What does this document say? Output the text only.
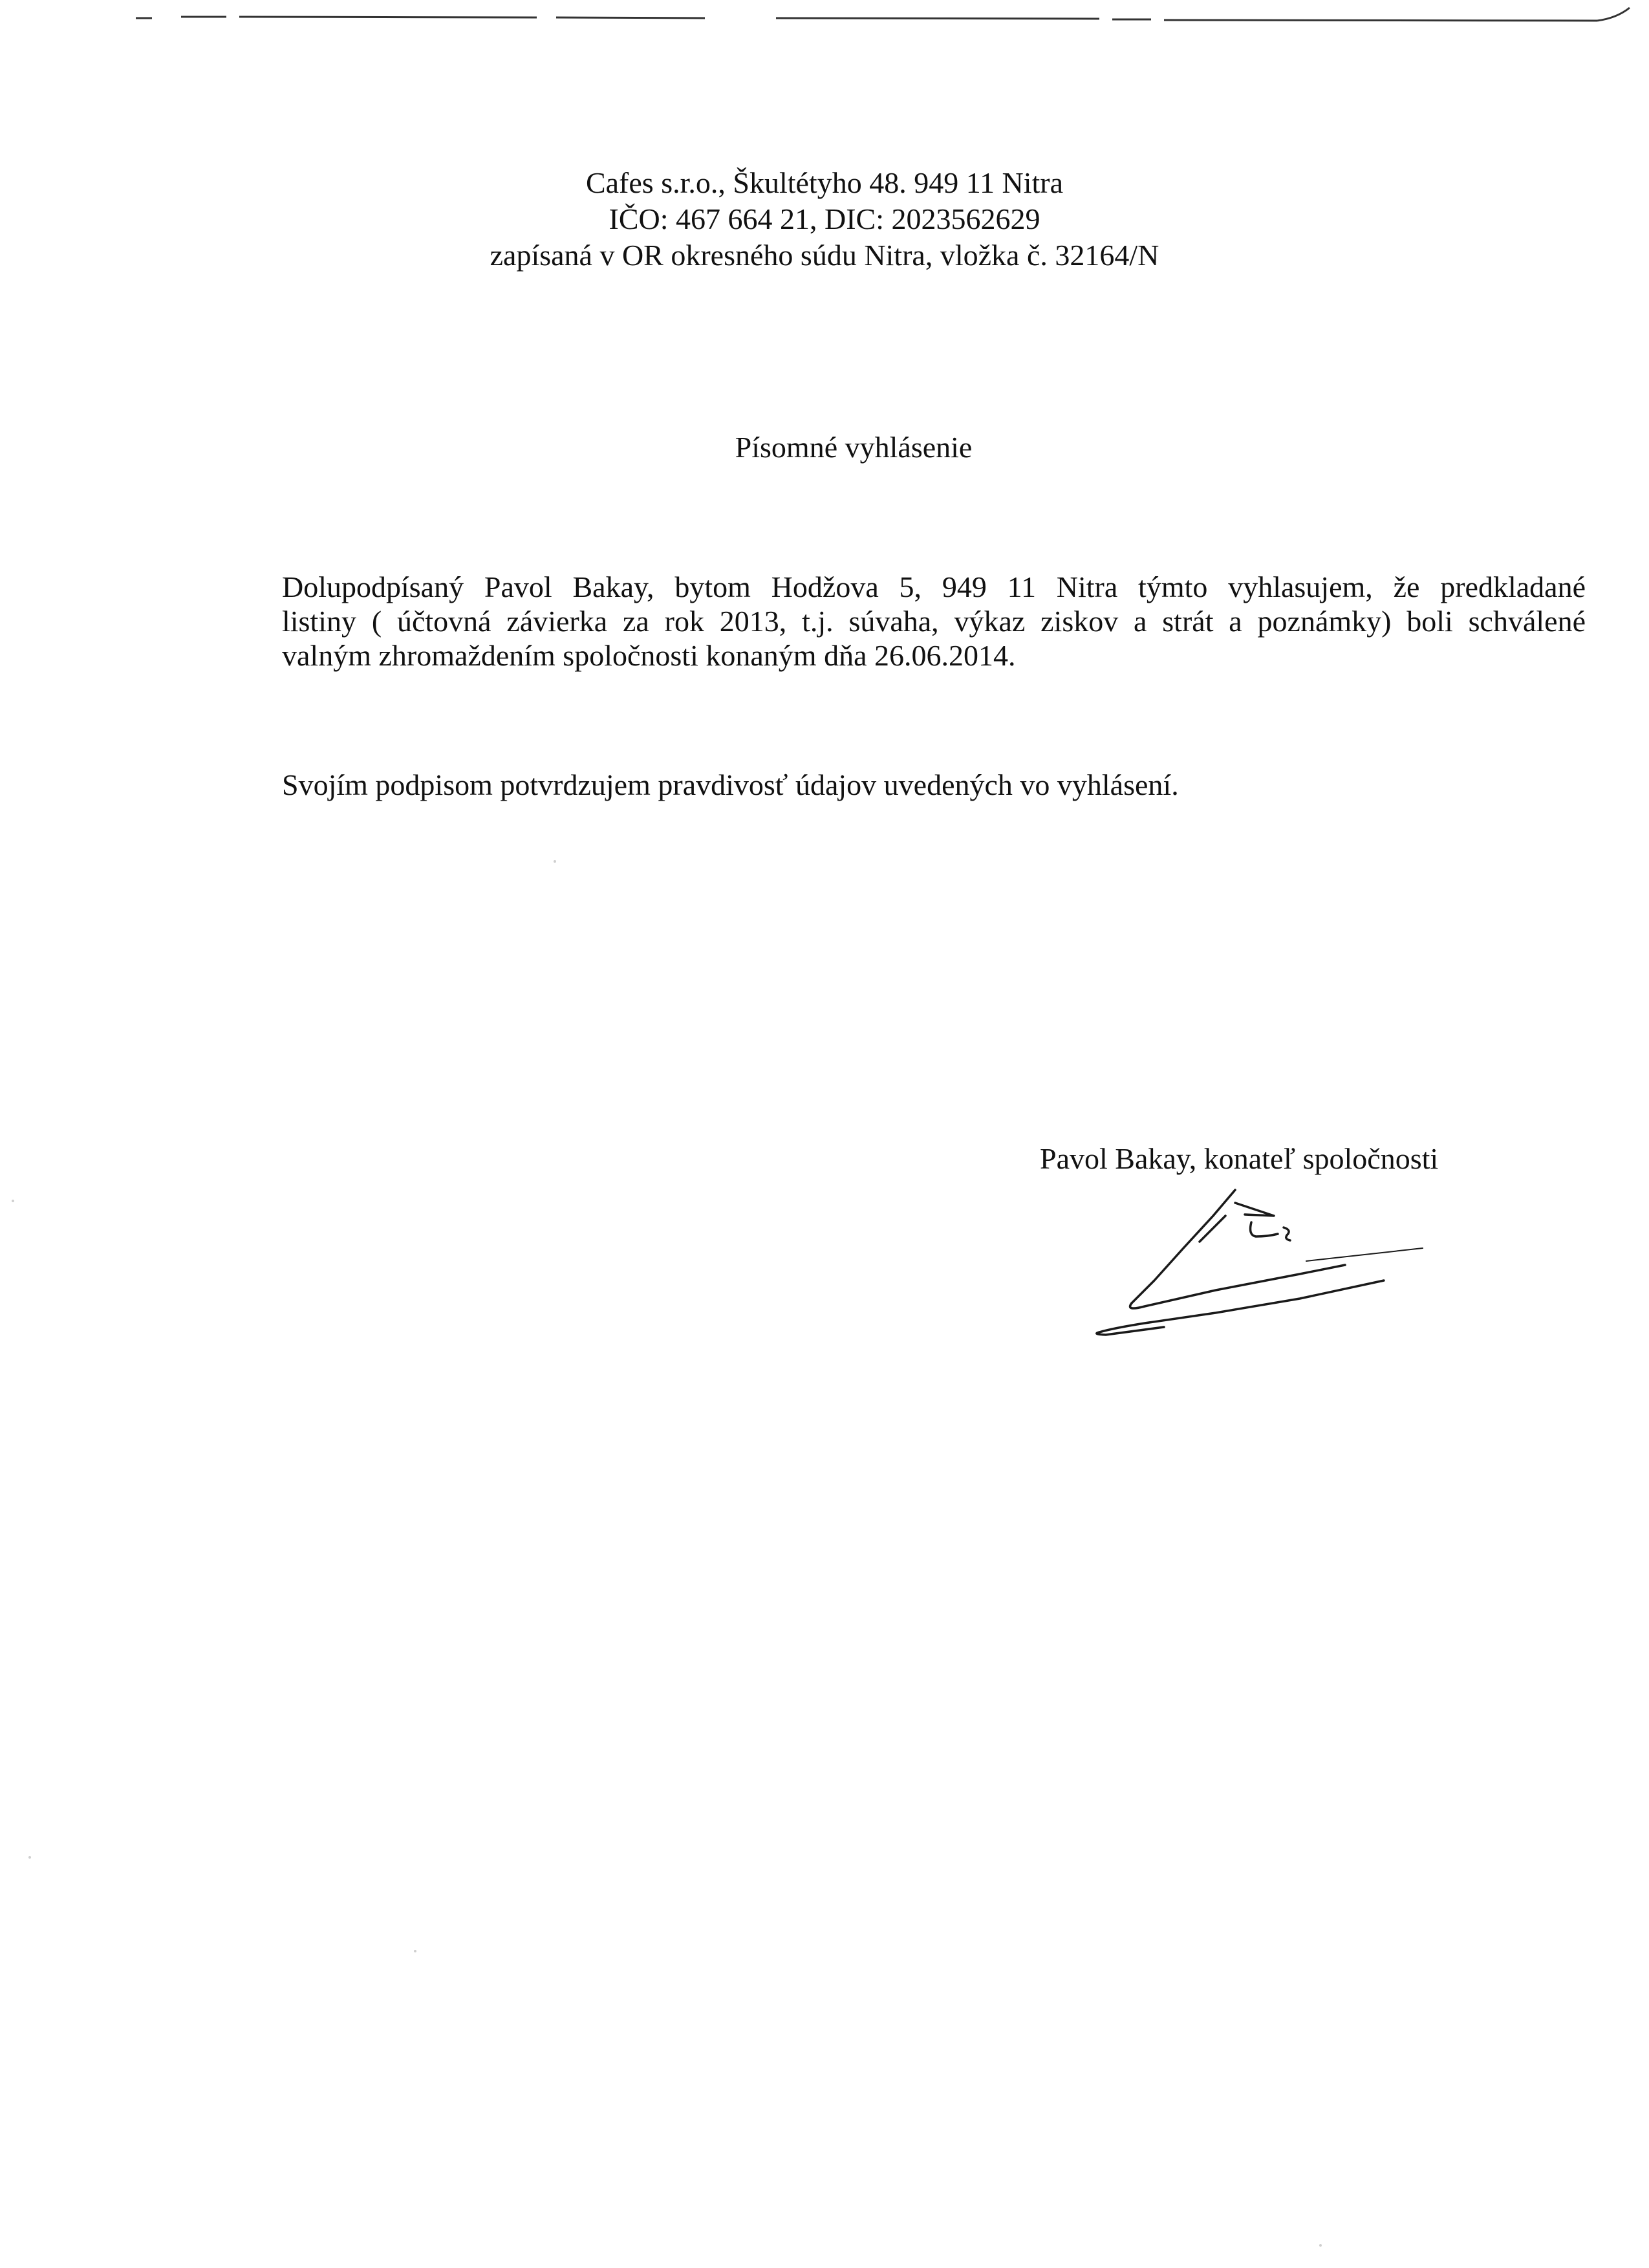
Cafes s.r.o., Škultétyho 48. 949 11 Nitra
IČO: 467 664 21, DIC: 2023562629
zapísaná v OR okresného súdu Nitra, vložka č. 32164/N
Písomné vyhlásenie
Dolupodpísaný Pavol Bakay, bytom Hodžova 5, 949 11 Nitra týmto vyhlasujem, že predkladané
listiny ( účtovná závierka za rok 2013, t.j. súvaha, výkaz ziskov a strát a poznámky) boli schválené
valným zhromaždením spoločnosti konaným dňa 26.06.2014.
Svojím podpisom potvrdzujem pravdivosť údajov uvedených vo vyhlásení.
Pavol Bakay, konateľ spoločnosti
